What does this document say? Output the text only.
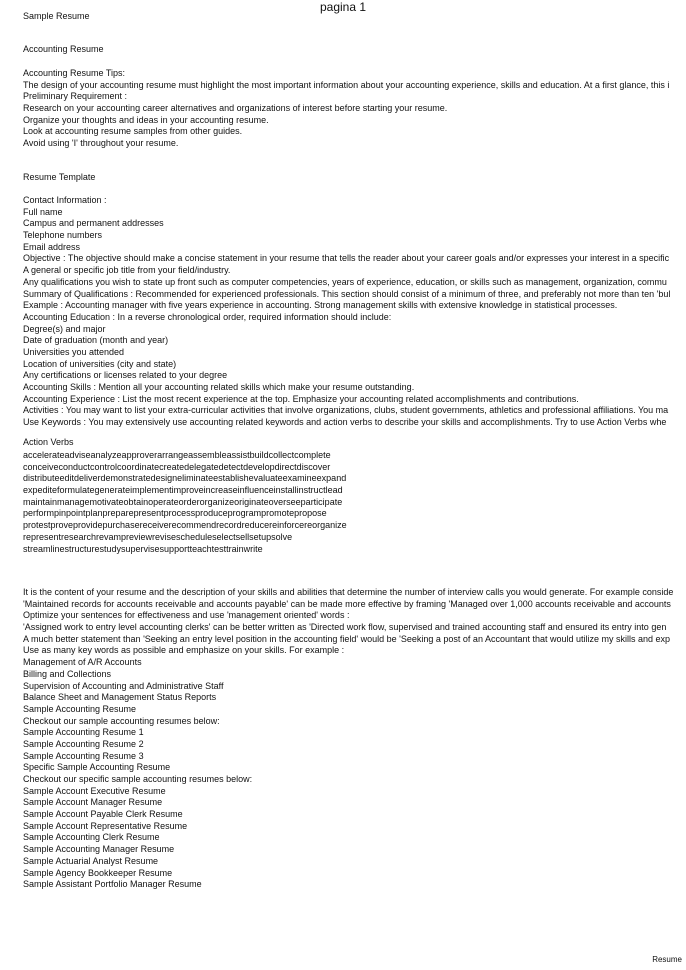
pagina 1
Sample Resume
Accounting Resume
Accounting Resume Tips:
The design of your accounting resume must highlight the most important information about your accounting experience, skills and education. At a first glance, this i
Preliminary Requirement :
Research on your accounting career alternatives and organizations of interest before starting your resume.
Organize your thoughts and ideas in your accounting resume.
Look at accounting resume samples from other guides.
Avoid using 'I' throughout your resume.
Resume Template
Contact Information :
Full name
Campus and permanent addresses
Telephone numbers
Email address
Objective : The objective should make a concise statement in your resume that tells the reader about your career goals and/or expresses your interest in a specific
A general or specific job title from your field/industry.
Any qualifications you wish to state up front such as computer competencies, years of experience, education, or skills such as management, organization, commu
Summary of Qualifications : Recommended for experienced professionals. This section should consist of a minimum of three, and preferably not more than ten 'bul
Example : Accounting manager with five years experience in accounting. Strong management skills with extensive knowledge in statistical processes.
Accounting Education : In a reverse chronological order, required information should include:
Degree(s) and major
Date of graduation (month and year)
Universities you attended
Location of universities (city and state)
Any certifications or licenses related to your degree
Accounting Skills : Mention all your accounting related skills which make your resume outstanding.
Accounting Experience : List the most recent experience at the top. Emphasize your accounting related accomplishments and contributions.
Activities : You may want to list your extra-curricular activities that involve organizations, clubs, student governments, athletics and professional affiliations. You ma
Use Keywords : You may extensively use accounting related keywords and action verbs to describe your skills and accomplishments. Try to use Action Verbs whe
Action Verbs
accelerateadviseanalyzeapproverarrangeassembleassistbuildcollectcomplete
conceiveconductcontrolcoordinatecreatedelegatedetectdevelopdirectdiscover
distributeeditdeliverdemonstratedesigneliminateestablishevaluateexamineexpand
expediteformulategenerateimplementimproveincreaseinfluenceinstallinstructlead
maintainmanagemotivateobtainoperateorderorganizeoriginateoverseeparticipate
performpinpointplanpreparepresentprocessproduceprogrampromotepropose
protestproveprovidepurchasereceiverecommendrecordreducereinforcereorganize
representresearchrevampreviewrevisescheduleselectsellsetupsolve
streamlinestructurestudysupervisesupportteachtesttrainwrite
It is the content of your resume and the description of your skills and abilities that determine the number of interview calls you would generate. For example conside
'Maintained records for accounts receivable and accounts payable' can be made more effective by framing 'Managed over 1,000 accounts receivable and accounts
Optimize your sentences for effectiveness and use 'management oriented' words :
'Assigned work to entry level accounting clerks' can be better written as 'Directed work flow, supervised and trained accounting staff and ensured its entry into gen
A much better statement than 'Seeking an entry level position in the accounting field' would be 'Seeking a post of an Accountant that would utilize my skills and exp
Use as many key words as possible and emphasize on your skills. For example :
Management of A/R Accounts
Billing and Collections
Supervision of Accounting and Administrative Staff
Balance Sheet and Management Status Reports
Sample Accounting Resume
Checkout our sample accounting resumes below:
Sample Accounting Resume 1
Sample Accounting Resume 2
Sample Accounting Resume 3
Specific Sample Accounting Resume
Checkout our specific sample accounting resumes below:
Sample Account Executive Resume
Sample Account Manager Resume
Sample Account Payable Clerk Resume
Sample Account Representative Resume
Sample Accounting Clerk Resume
Sample Accounting Manager Resume
Sample Actuarial Analyst Resume
Sample Agency Bookkeeper Resume
Sample Assistant Portfolio Manager Resume
Resume
